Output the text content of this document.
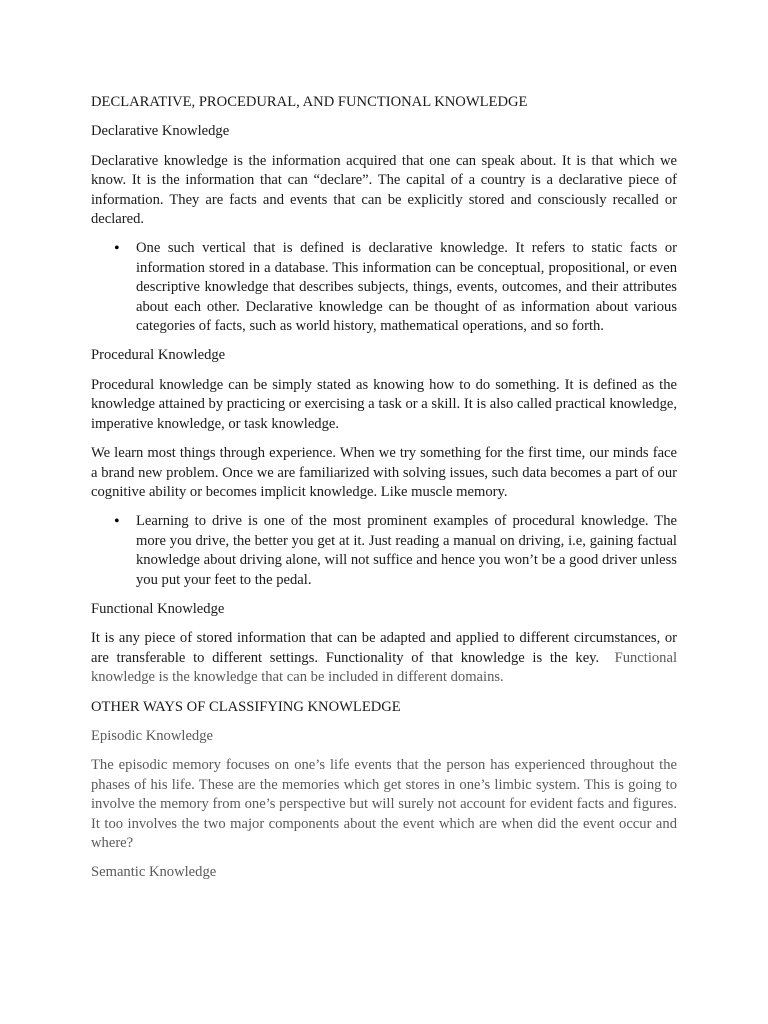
DECLARATIVE, PROCEDURAL, AND FUNCTIONAL KNOWLEDGE

Declarative Knowledge

Declarative knowledge is the information acquired that one can speak about. It is that which we know. It is the information that can “declare”. The capital of a country is a declarative piece of information. They are facts and events that can be explicitly stored and consciously recalled or declared.

• One such vertical that is defined is declarative knowledge. It refers to static facts or information stored in a database. This information can be conceptual, propositional, or even descriptive knowledge that describes subjects, things, events, outcomes, and their attributes about each other. Declarative knowledge can be thought of as information about various categories of facts, such as world history, mathematical operations, and so forth.

Procedural Knowledge

Procedural knowledge can be simply stated as knowing how to do something. It is defined as the knowledge attained by practicing or exercising a task or a skill. It is also called practical knowledge, imperative knowledge, or task knowledge.

We learn most things through experience. When we try something for the first time, our minds face a brand new problem. Once we are familiarized with solving issues, such data becomes a part of our cognitive ability or becomes implicit knowledge. Like muscle memory.

• Learning to drive is one of the most prominent examples of procedural knowledge. The more you drive, the better you get at it. Just reading a manual on driving, i.e, gaining factual knowledge about driving alone, will not suffice and hence you won’t be a good driver unless you put your feet to the pedal.

Functional Knowledge

It is any piece of stored information that can be adapted and applied to different circumstances, or are transferable to different settings. Functionality of that knowledge is the key. Functional knowledge is the knowledge that can be included in different domains.

OTHER WAYS OF CLASSIFYING KNOWLEDGE

Episodic Knowledge

The episodic memory focuses on one’s life events that the person has experienced throughout the phases of his life. These are the memories which get stores in one’s limbic system. This is going to involve the memory from one’s perspective but will surely not account for evident facts and figures. It too involves the two major components about the event which are when did the event occur and where?

Semantic Knowledge
